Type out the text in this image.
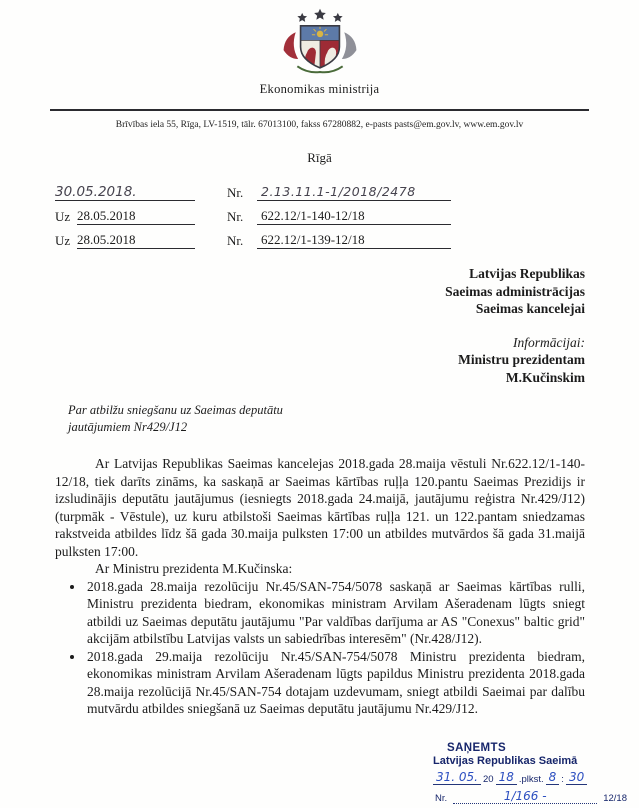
Ekonomikas ministrija
Brīvības iela 55, Rīga, LV-1519, tālr. 67013100, fakss 67280882, e-pasts pasts@em.gov.lv, www.em.gov.lv
Rīgā
30.05.2018.	Nr.	2.13.11.1-1/2018/2478
Uz 28.05.2018	Nr.	622.12/1-140-12/18
Uz 28.05.2018	Nr.	622.12/1-139-12/18
Latvijas Republikas
Saeimas administrācijas
Saeimas kancelejai
Informācijai:
Ministru prezidentam
M.Kučinskim
Par atbilžu sniegšanu uz Saeimas deputātu jautājumiem Nr429/J12

Ar Latvijas Republikas Saeimas kancelejas 2018.gada 28.maija vēstuli Nr.622.12/1-140-12/18, tiek darīts zināms, ka saskaņā ar Saeimas kārtības ruļļa 120.pantu Saeimas Prezidijs ir izsludinājis deputātu jautājumus (iesniegts 2018.gada 24.maijā, jautājumu reģistra Nr.429/J12) (turpmāk - Vēstule), uz kuru atbilstoši Saeimas kārtības ruļļa 121. un 122.pantam sniedzamas rakstveida atbildes līdz šā gada 30.maija pulksten 17:00 un atbildes mutvārdos šā gada 31.maijā pulksten 17:00.

Ar Ministru prezidenta M.Kučinska:

• 2018.gada 28.maija rezolūciju Nr.45/SAN-754/5078 saskaņā ar Saeimas kārtības rulli, Ministru prezidenta biedram, ekonomikas ministram Arvilam Ašeradenam lūgts sniegt atbildi uz Saeimas deputātu jautājumu "Par valdības darījuma ar AS "Conexus" baltic grid" akcijām atbilstību Latvijas valsts un sabiedrības interesēm" (Nr.428/J12).
• 2018.gada 29.maija rezolūciju Nr.45/SAN-754/5078 Ministru prezidenta biedram, ekonomikas ministram Arvilam Ašeradenam lūgts papildus Ministru prezidenta 2018.gada 28.maija rezolūcijā Nr.45/SAN-754 dotajam uzdevumam, sniegt atbildi Saeimai par dalību mutvārdu atbildes sniegšanā uz Saeimas deputātu jautājumu Nr.429/J12.
SAŅEMTS
Latvijas Republikas Saeimā
31. 05. 20 18 .plkst. 8 : 30
Nr.	1/166 -	12/18
